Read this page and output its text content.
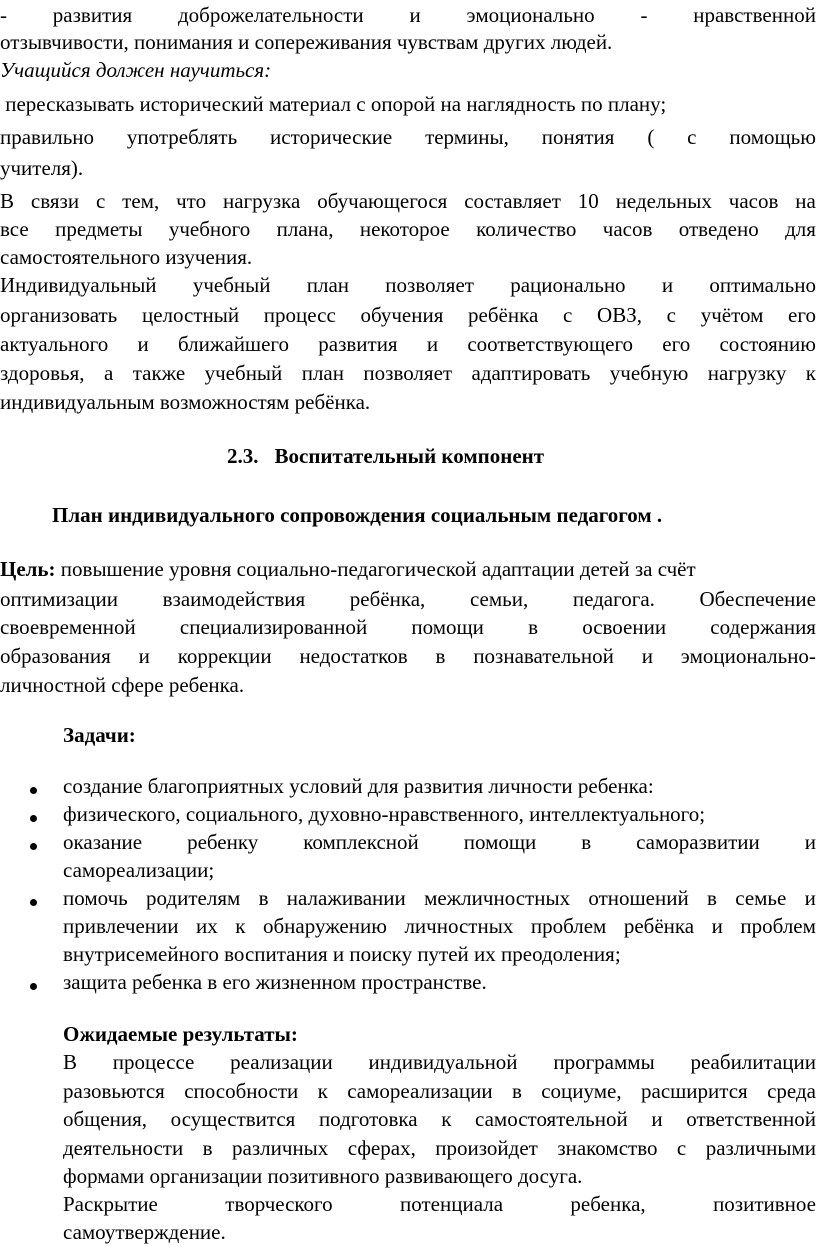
- развития доброжелательности и эмоционально - нравственной
отзывчивости, понимания и сопереживания чувствам других людей.
Учащийся должен научиться:
пересказывать исторический материал с опорой на наглядность по плану;
правильно употреблять исторические термины, понятия ( с помощью
учителя).
В связи с тем, что нагрузка обучающегося составляет 10 недельных часов на
все предметы учебного плана, некоторое количество часов отведено для
самостоятельного изучения.
Индивидуальный учебный план позволяет рационально и оптимально
организовать целостный процесс обучения ребёнка с ОВЗ, с учётом его
актуального и ближайшего развития и соответствующего его состоянию
здоровья, а также учебный план позволяет адаптировать учебную нагрузку к
индивидуальным возможностям ребёнка.
2.3. Воспитательный компонент
План индивидуального сопровождения социальным педагогом .
Цель: повышение уровня социально-педагогической адаптации детей за счёт
оптимизации взаимодействия ребёнка, семьи, педагога. Обеспечение
своевременной специализированной помощи в освоении содержания
образования и коррекции недостатков в познавательной и эмоционально-
личностной сфере ребенка.
Задачи:
создание благоприятных условий для развития личности ребенка:
физического, социального, духовно-нравственного, интеллектуального;
оказание ребенку комплексной помощи в саморазвитии и
самореализации;
помочь родителям в налаживании межличностных отношений в семье и
привлечении их к обнаружению личностных проблем ребёнка и проблем
внутрисемейного воспитания и поиску путей их преодоления;
защита ребенка в его жизненном пространстве.
Ожидаемые результаты:
В процессе реализации индивидуальной программы реабилитации
разовьются способности к самореализации в социуме, расширится среда
общения, осуществится подготовка к самостоятельной и ответственной
деятельности в различных сферах, произойдет знакомство с различными
формами организации позитивного развивающего досуга.
Раскрытие	творческого	потенциала	ребенка,	позитивное
самоутверждение.
